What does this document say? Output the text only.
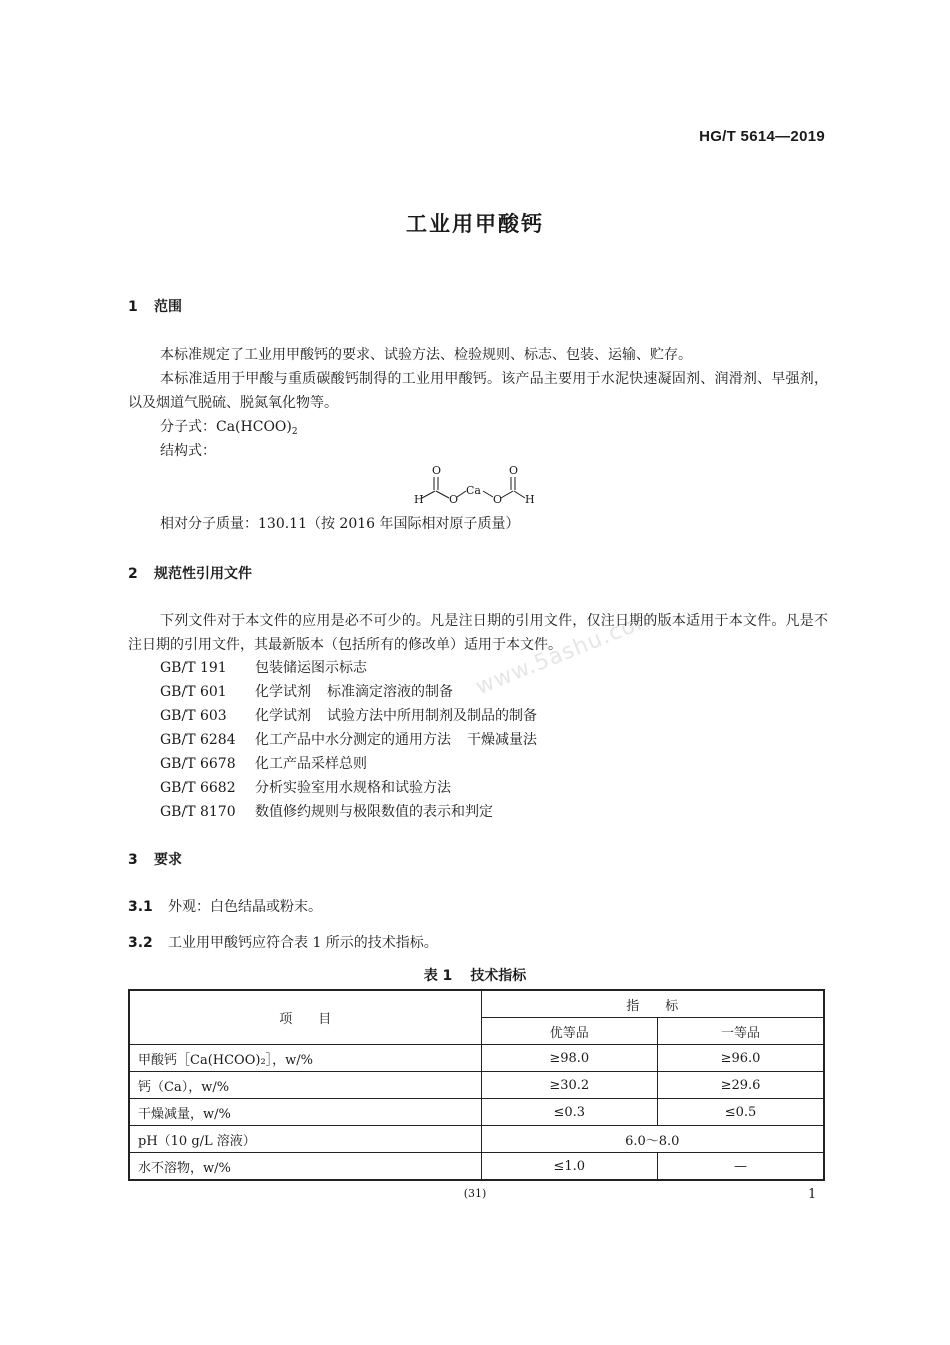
HG/T 5614—2019
工业用甲酸钙
www.5ashu.com
1 范围
本标准规定了工业用甲酸钙的要求、试验方法、检验规则、标志、包装、运输、贮存。
本标准适用于甲酸与重质碳酸钙制得的工业用甲酸钙。该产品主要用于水泥快速凝固剂、润滑剂、早强剂，以及烟道气脱硫、脱氮氧化物等。
分子式：$Ca(HCOO)_2$
结构式：
O	O
H O
Ca
O H
相对分子质量：130.11（按 2016 年国际相对原子质量）
2 规范性引用文件
下列文件对于本文件的应用是必不可少的。凡是注日期的引用文件，仅注日期的版本适用于本文件。凡是不注日期的引用文件，其最新版本（包括所有的修改单）适用于本文件。
GB/T 191 包装储运图示标志
GB/T 601 化学试剂 标准滴定溶液的制备
GB/T 603 化学试剂 试验方法中所用制剂及制品的制备
GB/T 6284 化工产品中水分测定的通用方法 干燥减量法
GB/T 6678 化工产品采样总则
GB/T 6682 分析实验室用水规格和试验方法
GB/T 8170 数值修约规则与极限数值的表示和判定
3 要求
3.1 外观：白色结晶或粉末。
3.2 工业用甲酸钙应符合表 1 所示的技术指标。
表 1 技术指标
项　　目	指　　标	
	优等品	一等品
甲酸钙［Ca(HCOO)₂］，w/%	≥98.0	≥96.0
钙（Ca），w/%	≥30.2	≥29.6
干燥减量，w/%	≤0.3	≤0.5
pH（10 g/L 溶液）	6.0～8.0	
水不溶物，w/%	≤1.0	—
(31)	1
